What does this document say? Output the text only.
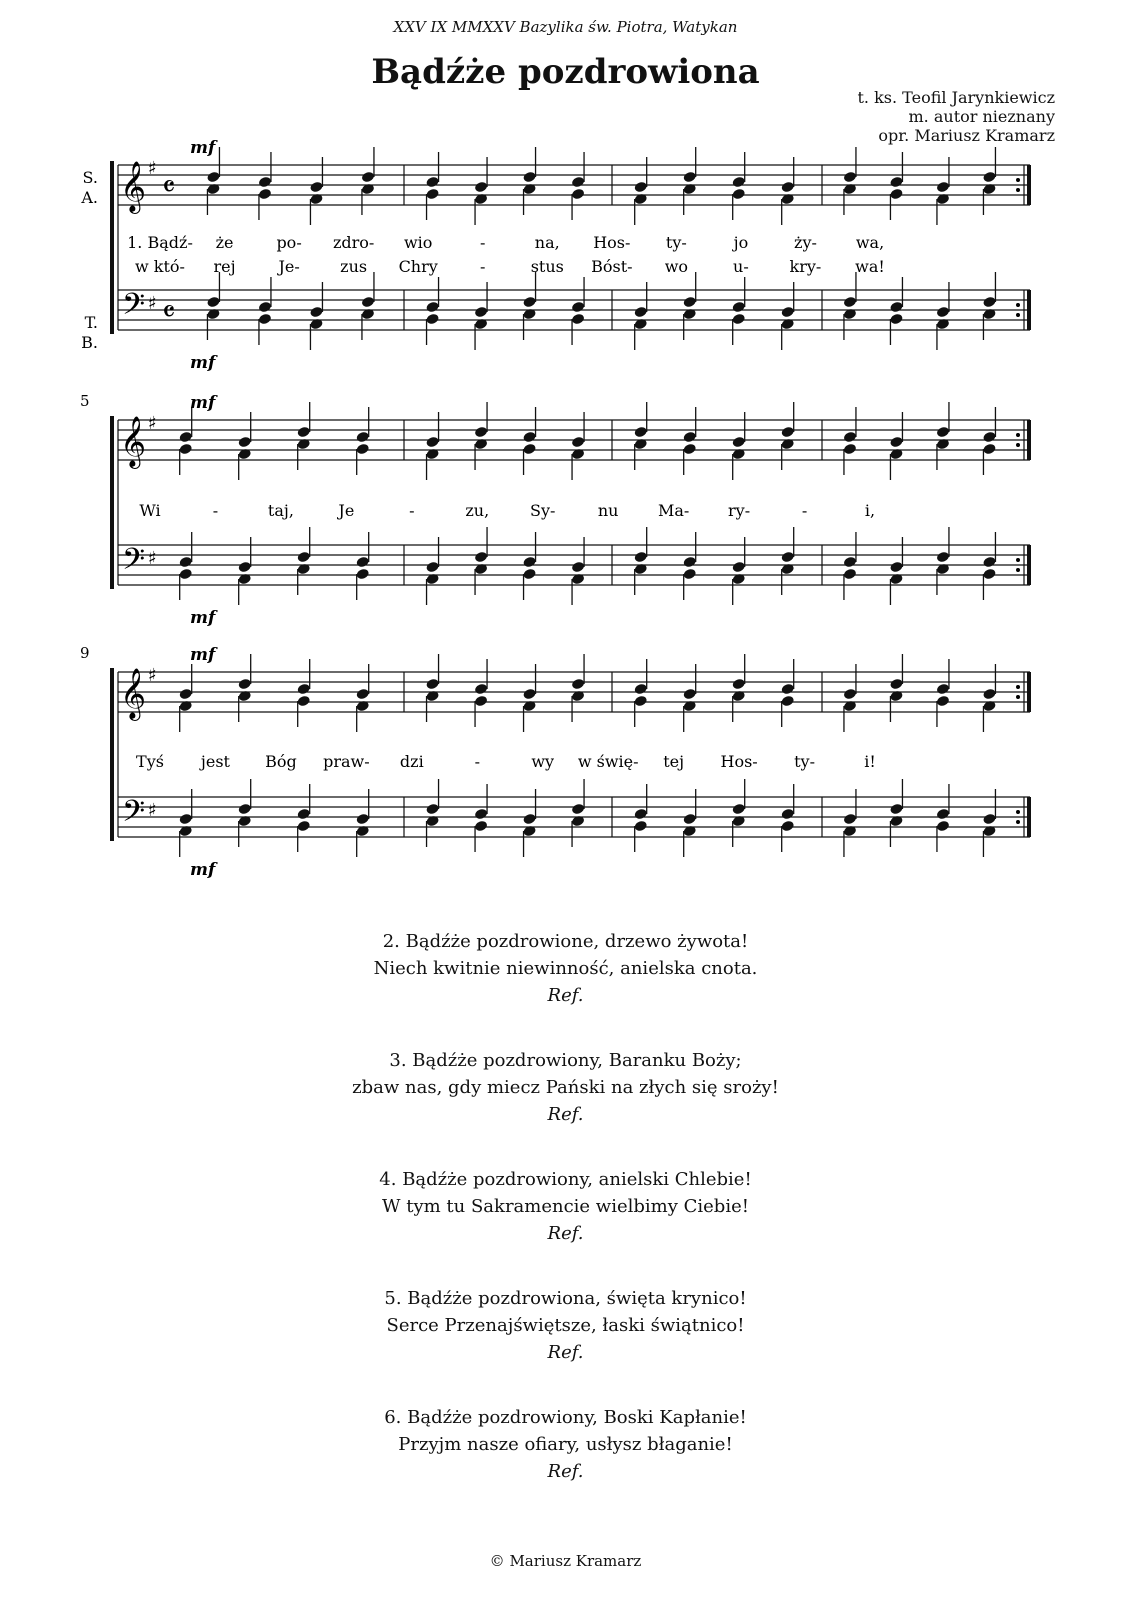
XXV IX MMXXV Bazylika św. Piotra, Watykan
Bądźże pozdrowiona
t. ks. Teofil Jarynkiewicz
m. autor nieznany
opr. Mariusz Kramarz
𝄞 ♯
𝄴
𝄢 ♯ 𝄴
mf
mf
S.
A.
T.
B.
1. Bądź- że	po- zdro- wio	-	na, Hos- ty-	jo	ży- wa,
w któ- rej	Je-	zus Chry	-	stus Bóst- wo	u-	kry- wa!
𝄞 ♯
𝄢 ♯
mf
mf
5
Wi	-	taj,	Je	-	zu,	Sy-	nu Ma- ry-	-	i,
𝄞 ♯
𝄢 ♯
mf
mf
9
Tyś jest Bóg praw- dzi	-	wy w świę- tej Hos- ty-	i!
2. Bądźże pozdrowione, drzewo żywota!
Niech kwitnie niewinność, anielska cnota.
Ref.
3. Bądźże pozdrowiony, Baranku Boży;
zbaw nas, gdy miecz Pański na złych się sroży!
Ref.
4. Bądźże pozdrowiony, anielski Chlebie!
W tym tu Sakramencie wielbimy Ciebie!
Ref.
5. Bądźże pozdrowiona, święta krynico!
Serce Przenajświętsze, łaski świątnico!
Ref.
6. Bądźże pozdrowiony, Boski Kapłanie!
Przyjm nasze ofiary, usłysz błaganie!
Ref.
© Mariusz Kramarz
